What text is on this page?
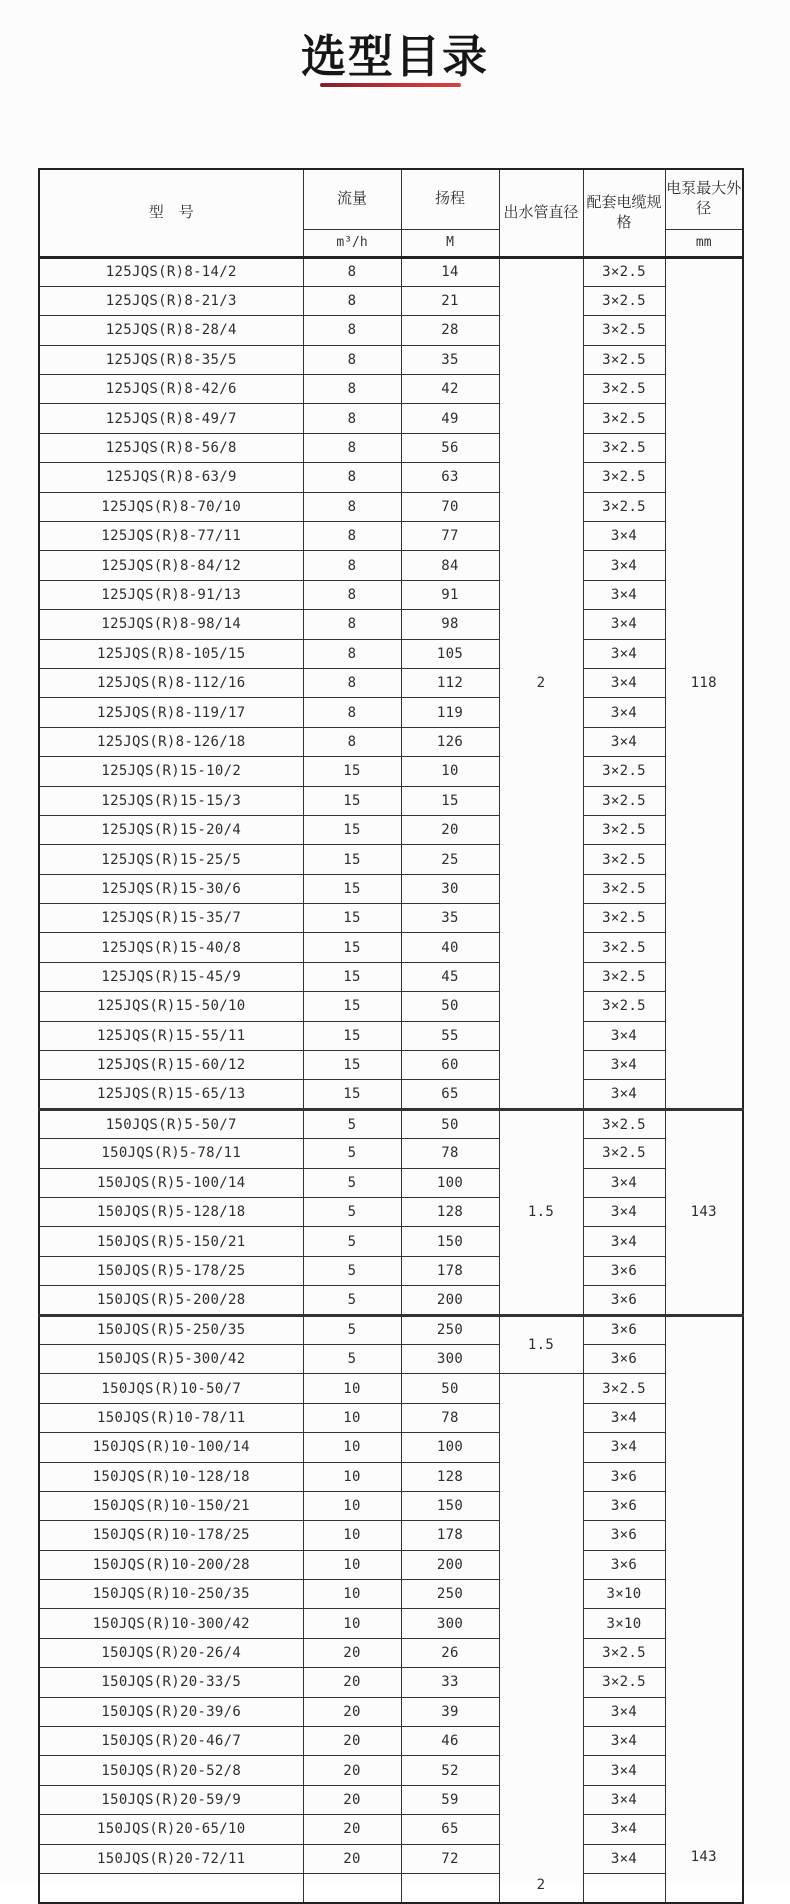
选型目录
型　号	流量	扬程	出水管直径	配套电缆规格	电泵最大外径
	m³/h	M			mm
125JQS(R)8-14/2	8	14	2	3×2.5	118
125JQS(R)8-21/3	8	21		3×2.5	
125JQS(R)8-28/4	8	28		3×2.5	
125JQS(R)8-35/5	8	35		3×2.5	
125JQS(R)8-42/6	8	42		3×2.5	
125JQS(R)8-49/7	8	49		3×2.5	
125JQS(R)8-56/8	8	56		3×2.5	
125JQS(R)8-63/9	8	63		3×2.5	
125JQS(R)8-70/10	8	70		3×2.5	
125JQS(R)8-77/11	8	77		3×4	
125JQS(R)8-84/12	8	84		3×4	
125JQS(R)8-91/13	8	91		3×4	
125JQS(R)8-98/14	8	98		3×4	
125JQS(R)8-105/15	8	105		3×4	
125JQS(R)8-112/16	8	112		3×4	
125JQS(R)8-119/17	8	119		3×4	
125JQS(R)8-126/18	8	126		3×4	
125JQS(R)15-10/2	15	10		3×2.5	
125JQS(R)15-15/3	15	15		3×2.5	
125JQS(R)15-20/4	15	20		3×2.5	
125JQS(R)15-25/5	15	25		3×2.5	
125JQS(R)15-30/6	15	30		3×2.5	
125JQS(R)15-35/7	15	35		3×2.5	
125JQS(R)15-40/8	15	40		3×2.5	
125JQS(R)15-45/9	15	45		3×2.5	
125JQS(R)15-50/10	15	50		3×2.5	
125JQS(R)15-55/11	15	55		3×4	
125JQS(R)15-60/12	15	60		3×4	
125JQS(R)15-65/13	15	65		3×4	
150JQS(R)5-50/7	5	50	1.5	3×2.5	143
150JQS(R)5-78/11	5	78		3×2.5	
150JQS(R)5-100/14	5	100		3×4	
150JQS(R)5-128/18	5	128		3×4	
150JQS(R)5-150/21	5	150		3×4	
150JQS(R)5-178/25	5	178		3×6	
150JQS(R)5-200/28	5	200		3×6	
150JQS(R)5-250/35	5	250	1.5	3×6	143

150JQS(R)5-300/42	5	300		3×6	
150JQS(R)10-50/7	10	50	2	3×2.5	
150JQS(R)10-78/11	10	78		3×4	
150JQS(R)10-100/14	10	100		3×4	
150JQS(R)10-128/18	10	128		3×6	
150JQS(R)10-150/21	10	150		3×6	
150JQS(R)10-178/25	10	178		3×6	
150JQS(R)10-200/28	10	200		3×6	
150JQS(R)10-250/35	10	250		3×10	
150JQS(R)10-300/42	10	300		3×10	
150JQS(R)20-26/4	20	26		3×2.5	
150JQS(R)20-33/5	20	33		3×2.5	
150JQS(R)20-39/6	20	39		3×4	
150JQS(R)20-46/7	20	46		3×4	
150JQS(R)20-52/8	20	52		3×4	
150JQS(R)20-59/9	20	59		3×4	
150JQS(R)20-65/10	20	65		3×4	
150JQS(R)20-72/11	20	72		3×4	
